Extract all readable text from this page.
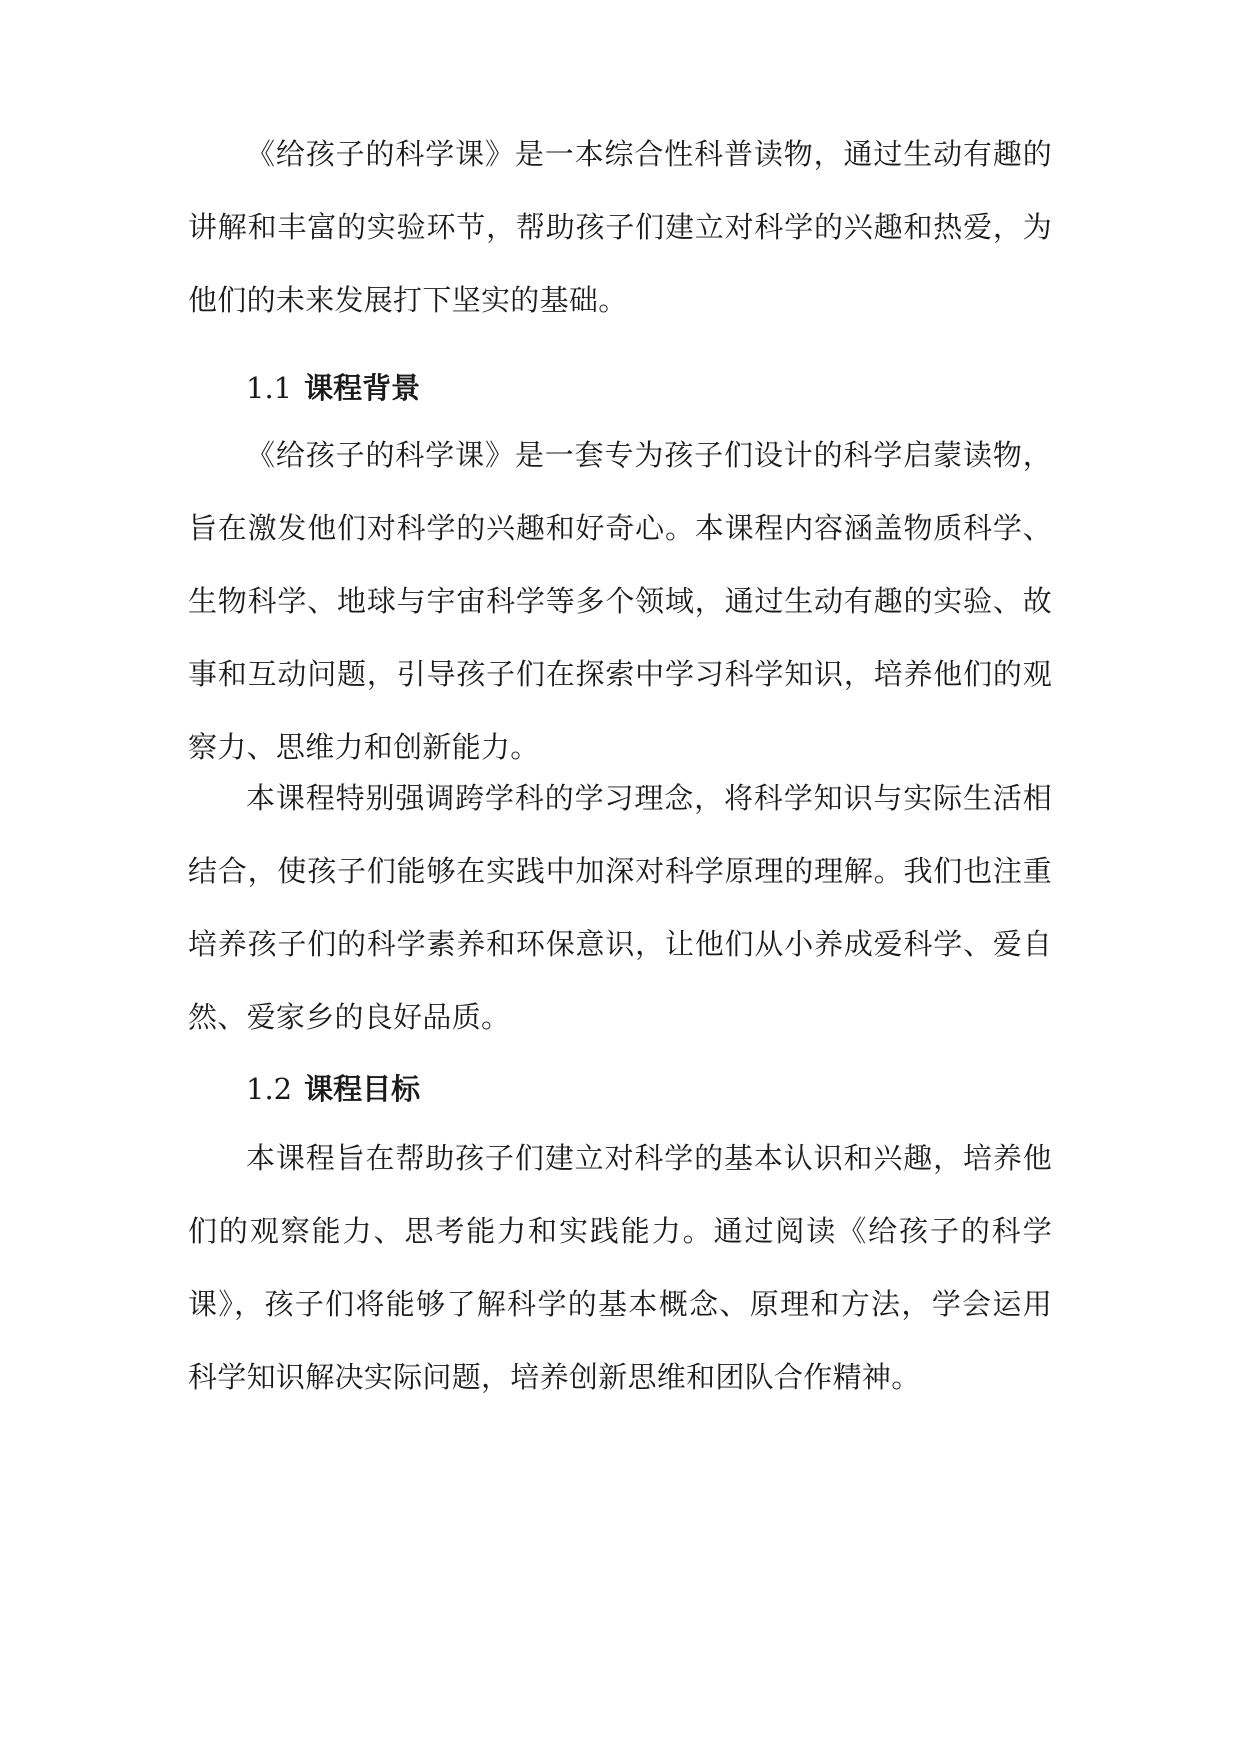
《给孩子的科学课》是一本综合性科普读物，通过生动有趣的讲解和丰富的实验环节，帮助孩子们建立对科学的兴趣和热爱，为他们的未来发展打下坚实的基础。

1.1 课程背景

《给孩子的科学课》是一套专为孩子们设计的科学启蒙读物，旨在激发他们对科学的兴趣和好奇心。本课程内容涵盖物质科学、生物科学、地球与宇宙科学等多个领域，通过生动有趣的实验、故事和互动问题，引导孩子们在探索中学习科学知识，培养他们的观察力、思维力和创新能力。

本课程特别强调跨学科的学习理念，将科学知识与实际生活相结合，使孩子们能够在实践中加深对科学原理的理解。我们也注重培养孩子们的科学素养和环保意识，让他们从小养成爱科学、爱自然、爱家乡的良好品质。

1.2 课程目标

本课程旨在帮助孩子们建立对科学的基本认识和兴趣，培养他们的观察能力、思考能力和实践能力。通过阅读《给孩子的科学课》，孩子们将能够了解科学的基本概念、原理和方法，学会运用科学知识解决实际问题，培养创新思维和团队合作精神。
